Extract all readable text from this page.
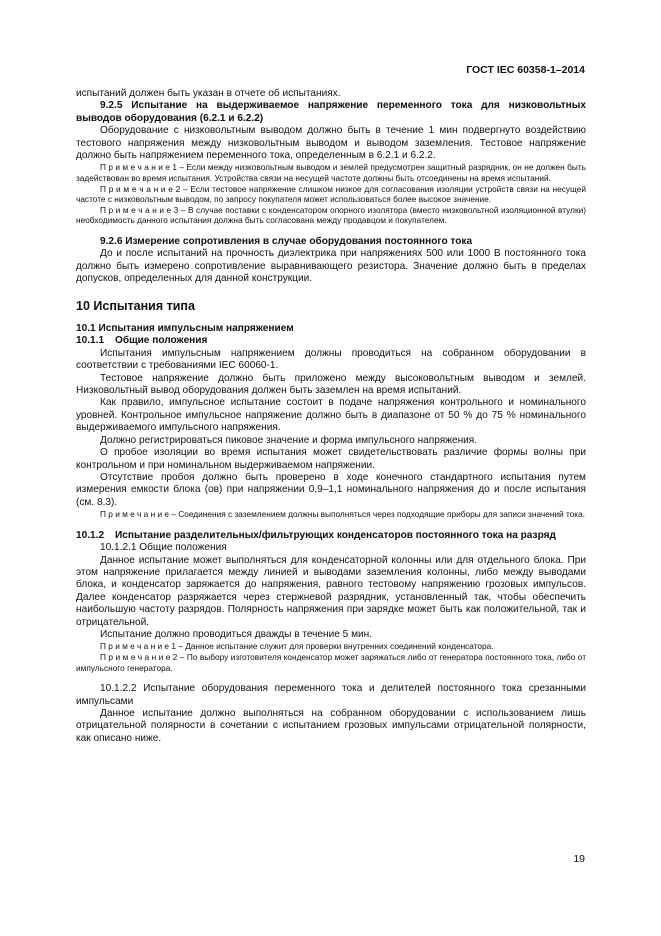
ГОСТ IEC 60358-1–2014

испытаний должен быть указан в отчете об испытаниях.

9.2.5 Испытание на выдерживаемое напряжение переменного тока для низковольтных выводов оборудования (6.2.1 и 6.2.2)

Оборудование с низковольтным выводом должно быть в течение 1 мин подвергнуто воздействию тестового напряжения между низковольтным выводом и выводом заземления. Тестовое напряжение должно быть напряжением переменного тока, определенным в 6.2.1 и 6.2.2.

П р и м е ч а н и е 1 – Если между низковольтным выводом и землей предусмотрен защитный разрядник, он не должен быть задействован во время испытания. Устройства связи на несущей частоте должны быть отсоединены на время испытаний.

П р и м е ч а н и е 2 – Если тестовое напряжение слишком низкое для согласования изоляции устройств связи на несущей частоте с низковольтным выводом, по запросу покупателя может использоваться более высокое значение.

П р и м е ч а н и е 3 – В случае поставки с конденсатором опорного изолятора (вместо низковольтной изоляционной втулки) необходимость данного испытания должна быть согласована между продавцом и покупателем.

9.2.6 Измерение сопротивления в случае оборудования постоянного тока

До и после испытаний на прочность диэлектрика при напряжениях 500 или 1000 В постоянного тока должно быть измерено сопротивление выравнивающего резистора. Значение должно быть в пределах допусков, определенных для данной конструкции.

10 Испытания типа

10.1 Испытания импульсным напряжением

10.1.1 Общие положения

Испытания импульсным напряжением должны проводиться на собранном оборудовании в соответствии с требованиями IEC 60060-1.

Тестовое напряжение должно быть приложено между высоковольтным выводом и землей. Низковольтный вывод оборудования должен быть заземлен на время испытаний.

Как правило, импульсное испытание состоит в подаче напряжения контрольного и номинального уровней. Контрольное импульсное напряжение должно быть в диапазоне от 50 % до 75 % номинального выдерживаемого импульсного напряжения.

Должно регистрироваться пиковое значение и форма импульсного напряжения.

О пробое изоляции во время испытания может свидетельствовать различие формы волны при контрольном и при номинальном выдерживаемом напряжении.

Отсутствие пробоя должно быть проверено в ходе конечного стандартного испытания путем измерения емкости блока (ов) при напряжении 0,9–1,1 номинального напряжения до и после испытания (см. 8.3).

П р и м е ч а н и е – Соединения с заземлением должны выполняться через подходящие приборы для записи значений тока.

10.1.2 Испытание разделительных/фильтрующих конденсаторов постоянного тока на разряд

10.1.2.1 Общие положения

Данное испытание может выполняться для конденсаторной колонны или для отдельного блока. При этом напряжение прилагается между линией и выводами заземления колонны, либо между выводами блока, и конденсатор заряжается до напряжения, равного тестовому напряжению грозовых импульсов. Далее конденсатор разряжается через стержневой разрядник, установленный так, чтобы обеспечить наибольшую частоту разрядов. Полярность напряжения при зарядке может быть как положительной, так и отрицательной.

Испытание должно проводиться дважды в течение 5 мин.

П р и м е ч а н и е 1 – Данное испытание служит для проверки внутренних соединений конденсатора.

П р и м е ч а н и е 2 – По выбору изготовителя конденсатор может заряжаться либо от генератора постоянного тока, либо от импульсного генератора.

10.1.2.2 Испытание оборудования переменного тока и делителей постоянного тока срезанными импульсами

Данное испытание должно выполняться на собранном оборудовании с использованием лишь отрицательной полярности в сочетании с испытанием грозовых импульсами отрицательной полярности, как описано ниже.

19
